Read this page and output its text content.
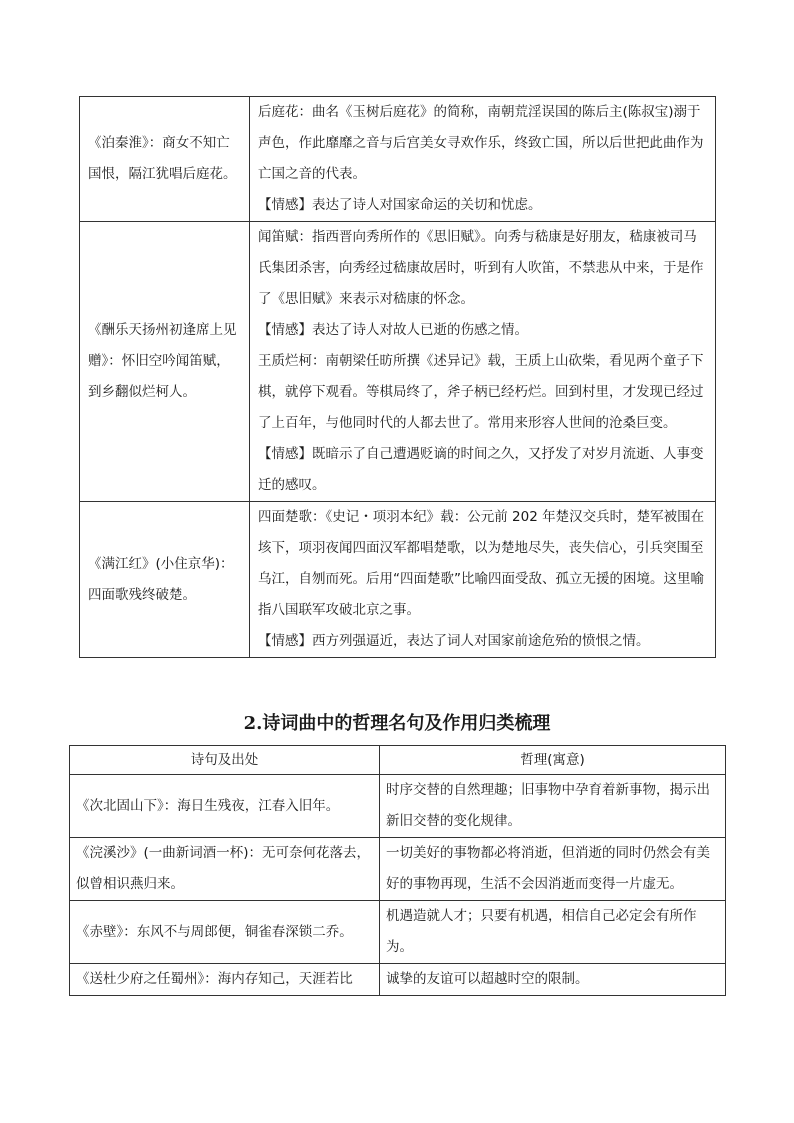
《泊秦淮》：商女不知亡国恨，隔江犹唱后庭花。	后庭花：曲名《玉树后庭花》的简称，南朝荒淫误国的陈后主(陈叔宝)溺于声色，作此靡靡之音与后宫美女寻欢作乐，终致亡国，所以后世把此曲作为亡国之音的代表。
【情感】表达了诗人对国家命运的关切和忧虑。

《酬乐天扬州初逢席上见赠》：怀旧空吟闻笛赋，到乡翻似烂柯人。	闻笛赋：指西晋向秀所作的《思旧赋》。向秀与嵇康是好朋友，嵇康被司马氏集团杀害，向秀经过嵇康故居时，听到有人吹笛，不禁悲从中来，于是作了《思旧赋》来表示对嵇康的怀念。
【情感】表达了诗人对故人已逝的伤感之情。
王质烂柯：南朝梁任昉所撰《述异记》载，王质上山砍柴，看见两个童子下棋，就停下观看。等棋局终了，斧子柄已经朽烂。回到村里，才发现已经过了上百年，与他同时代的人都去世了。常用来形容人世间的沧桑巨变。
【情感】既暗示了自己遭遇贬谪的时间之久，又抒发了对岁月流逝、人事变迁的感叹。

《满江红》(小住京华)：四面歌残终破楚。	四面楚歌：《史记・项羽本纪》载：公元前 202 年楚汉交兵时，楚军被围在垓下，项羽夜闻四面汉军都唱楚歌，以为楚地尽失，丧失信心，引兵突围至乌江，自刎而死。后用“四面楚歌”比喻四面受敌、孤立无援的困境。这里喻指八国联军攻破北京之事。
【情感】西方列强逼近，表达了词人对国家前途危殆的愤恨之情。
2.诗词曲中的哲理名句及作用归类梳理
诗句及出处	哲理(寓意)
《次北固山下》：海日生残夜，江春入旧年。	时序交替的自然理趣；旧事物中孕育着新事物，揭示出新旧交替的变化规律。
《浣溪沙》(一曲新词酒一杯)：无可奈何花落去，似曾相识燕归来。	一切美好的事物都必将消逝，但消逝的同时仍然会有美好的事物再现，生活不会因消逝而变得一片虚无。
《赤壁》：东风不与周郎便，铜雀春深锁二乔。	机遇造就人才；只要有机遇，相信自己必定会有所作为。
《送杜少府之任蜀州》：海内存知己，天涯若比	诚挚的友谊可以超越时空的限制。
